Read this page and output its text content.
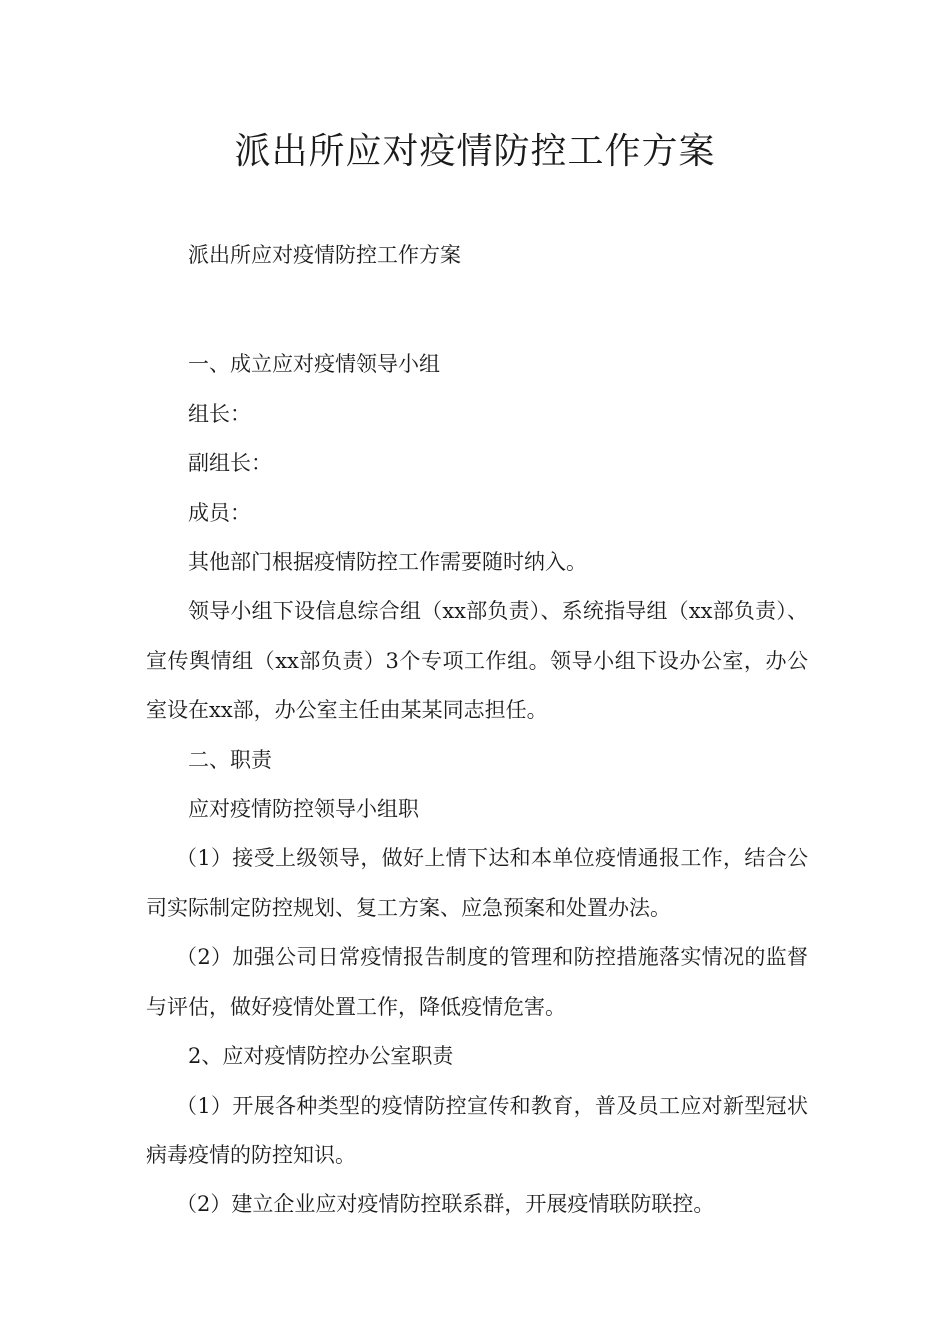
派出所应对疫情防控工作方案

派出所应对疫情防控工作方案

一、成立应对疫情领导小组

组长：

副组长：

成员：

其他部门根据疫情防控工作需要随时纳入。

领导小组下设信息综合组（xx部负责）、系统指导组（xx部负责）、宣传舆情组（xx部负责）3个专项工作组。领导小组下设办公室，办公室设在xx部，办公室主任由某某同志担任。

二、职责

应对疫情防控领导小组职

（1）接受上级领导，做好上情下达和本单位疫情通报工作，结合公司实际制定防控规划、复工方案、应急预案和处置办法。

（2）加强公司日常疫情报告制度的管理和防控措施落实情况的监督与评估，做好疫情处置工作，降低疫情危害。

2、应对疫情防控办公室职责

（1）开展各种类型的疫情防控宣传和教育，普及员工应对新型冠状病毒疫情的防控知识。

（2）建立企业应对疫情防控联系群，开展疫情联防联控。
